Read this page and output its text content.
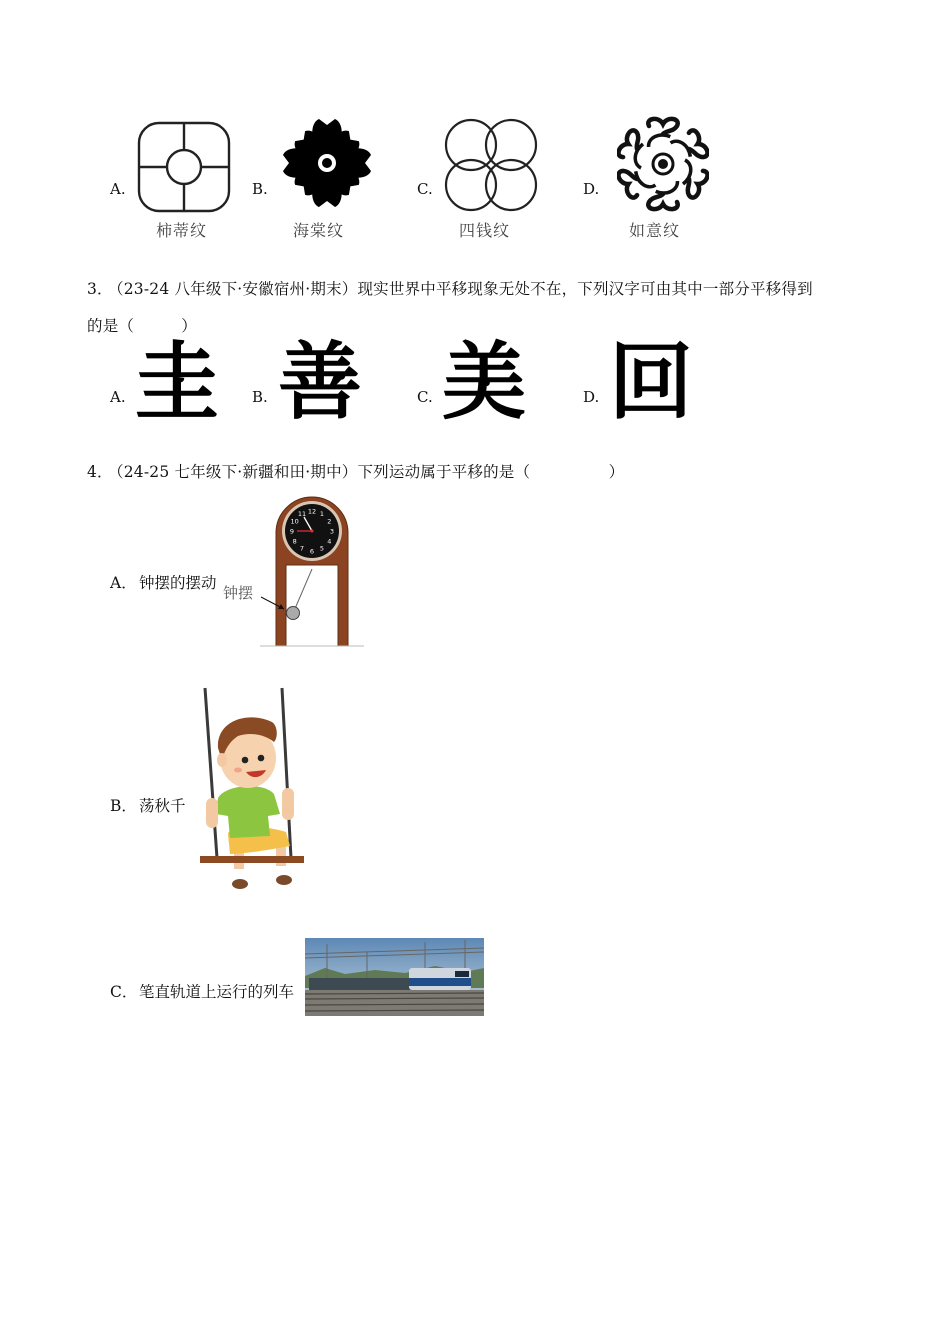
A.
柿蒂纹
B.
海棠纹
C.
四钱纹
D.
如意纹
3．
（23-24 八年级下·安徽宿州·期末）现实世界中平移现象无处不在，下列汉字可由其中一部分平移得到
的是（　　　）
A. 圭 B. 善	C. 美	D. 回
4．
（24-25 七年级下·新疆和田·期中）下列运动属于平移的是（　　　　　）
A． 钟摆的摆动
12 1
2
3
4
5
6
7
8
9
10
11
钟摆
B． 荡秋千
C． 笔直轨道上运行的列车
